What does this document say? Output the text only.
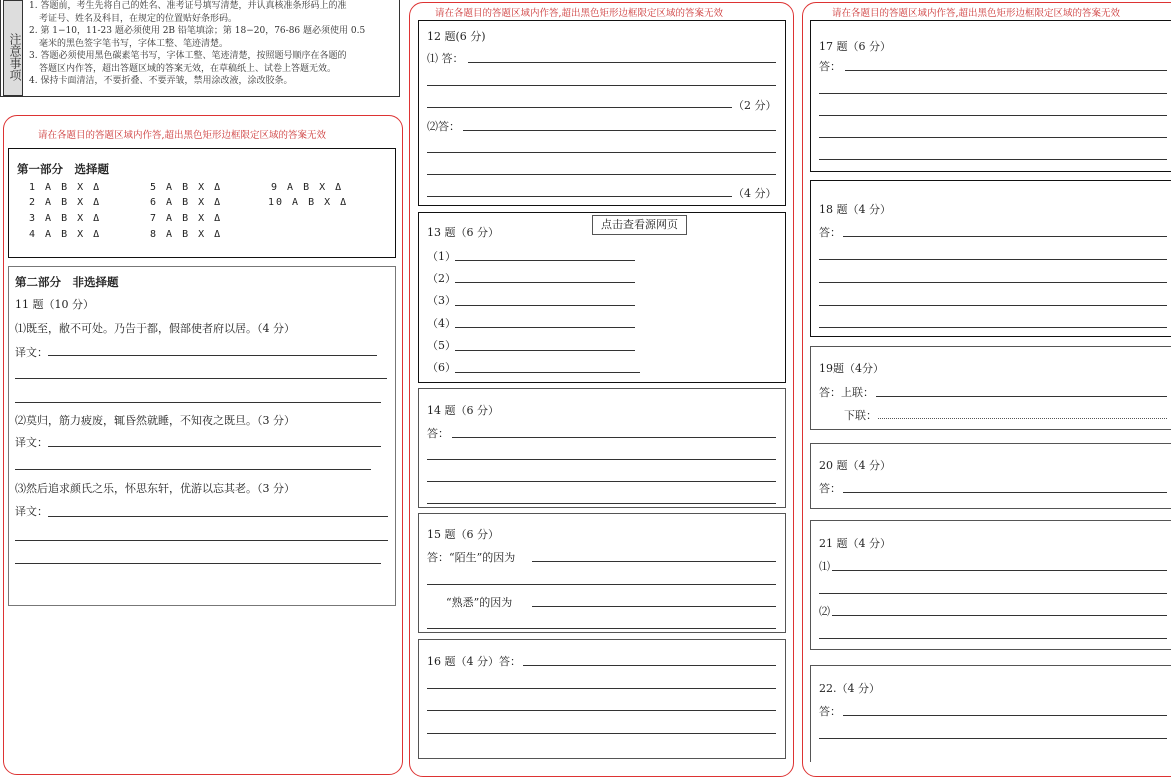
注意事项
1. 答题前，考生先将自己的姓名、准考证号填写清楚，并认真核准条形码上的准
考证号、姓名及科目，在规定的位置贴好条形码。
2. 第 1−10，11-23 题必须使用 2B 铅笔填涂；第 18−20，76-86 题必须使用 0.5
毫米的黑色签字笔书写，字体工整、笔迹清楚。
3. 答题必须使用黑色碳素笔书写，字体工整、笔迹清楚，按照题号顺序在各题的
答题区内作答，超出答题区域的答案无效，在草稿纸上、试卷上答题无效。
4. 保持卡面清洁，不要折叠、不要弄皱，禁用涂改液，涂改胶条。
请在各题目的答题区域内作答,超出黑色矩形边框限定区域的答案无效
第一部分　选择题
1 A B X Δ	5 A B X Δ	9 A B X Δ
2 A B X Δ	6 A B X Δ	10 A B X Δ
3 A B X Δ	7 A B X Δ
4 A B X Δ	8 A B X Δ
第二部分　非选择题
11 题（10 分）
⑴既至，敝不可处。乃告于都，假部使者府以居。（4 分）
译文：
⑵莫归，筋力疲废，辄昏然就睡，不知夜之既旦。（3 分）
译文：
⑶然后追求颜氏之乐，怀思东轩，优游以忘其老。（3 分）
译文：
请在各题目的答题区域内作答,超出黑色矩形边框限定区域的答案无效
12 题(6 分)
⑴ 答：
（2 分）
⑵答：
（4 分）
13 题（6 分）
（1）
（2）
（3）
（4）
（5）
（6）
点击查看源网页
14 题（6 分）
答：
15 题（6 分）
答：“陌生”的因为
“熟悉”的因为
16 题（4 分）答：
请在各题目的答题区域内作答,超出黑色矩形边框限定区域的答案无效
17 题（6 分）
答：
18 题（4 分）
答：
19题（4分）
答：上联：
下联：
20 题（4 分）
答：
21 题（4 分）
⑴
⑵
22.（4 分）
答：
